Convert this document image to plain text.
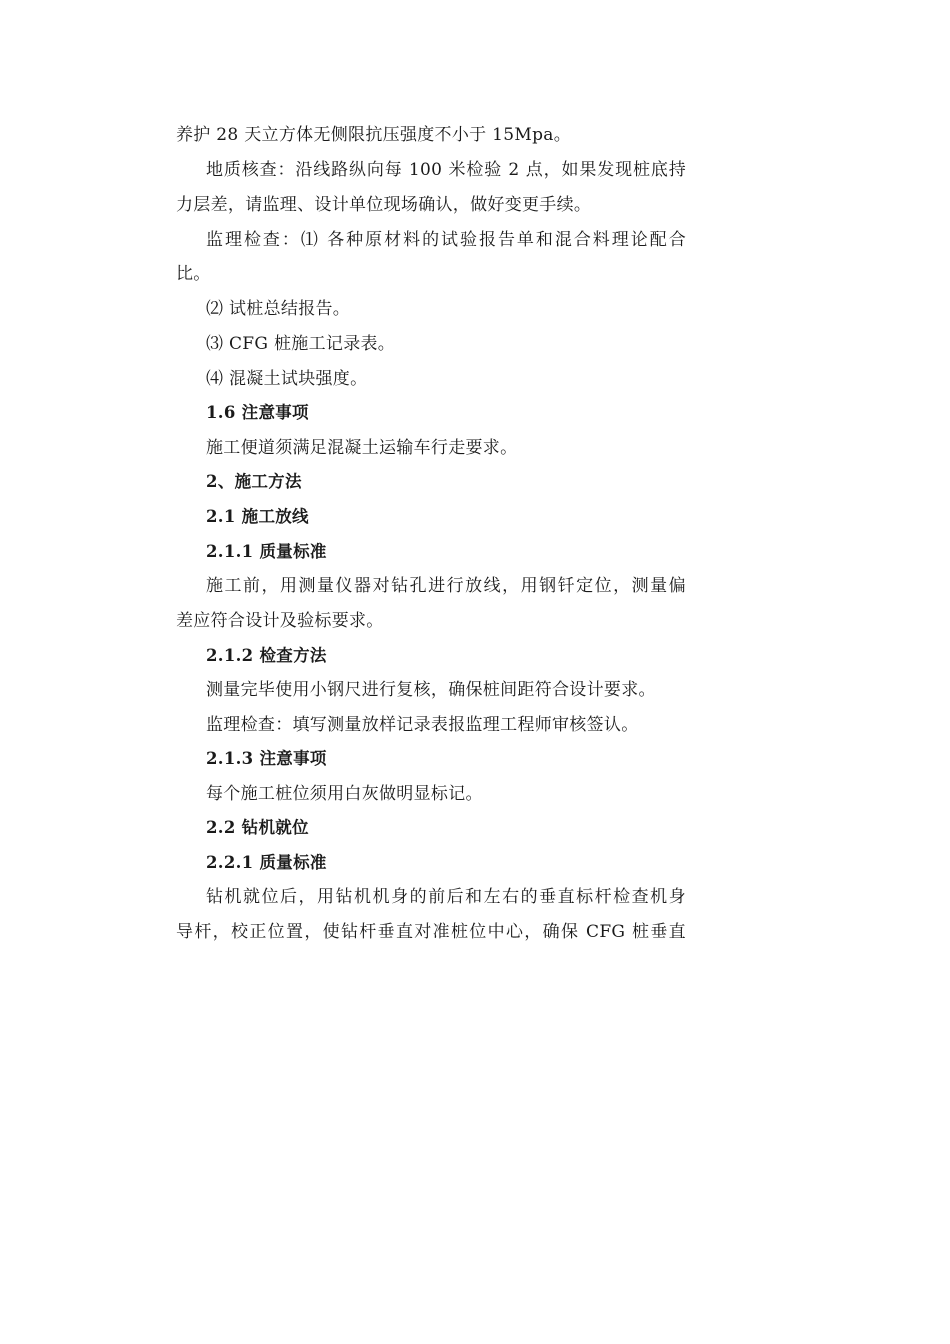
养护 28 天立方体无侧限抗压强度不小于 15Mpa。
地质核查：沿线路纵向每 100 米检验 2 点，如果发现桩底持
力层差，请监理、设计单位现场确认，做好变更手续。
监理检查：⑴ 各种原材料的试验报告单和混合料理论配合
比。
⑵ 试桩总结报告。
⑶ CFG 桩施工记录表。
⑷ 混凝土试块强度。
1.6 注意事项
施工便道须满足混凝土运输车行走要求。
2、施工方法
2.1 施工放线
2.1.1 质量标准
施工前，用测量仪器对钻孔进行放线，用钢钎定位，测量偏
差应符合设计及验标要求。
2.1.2 检查方法
测量完毕使用小钢尺进行复核，确保桩间距符合设计要求。
监理检查：填写测量放样记录表报监理工程师审核签认。
2.1.3 注意事项
每个施工桩位须用白灰做明显标记。
2.2 钻机就位
2.2.1 质量标准
钻机就位后，用钻机机身的前后和左右的垂直标杆检查机身
导杆，校正位置，使钻杆垂直对准桩位中心，确保 CFG 桩垂直
